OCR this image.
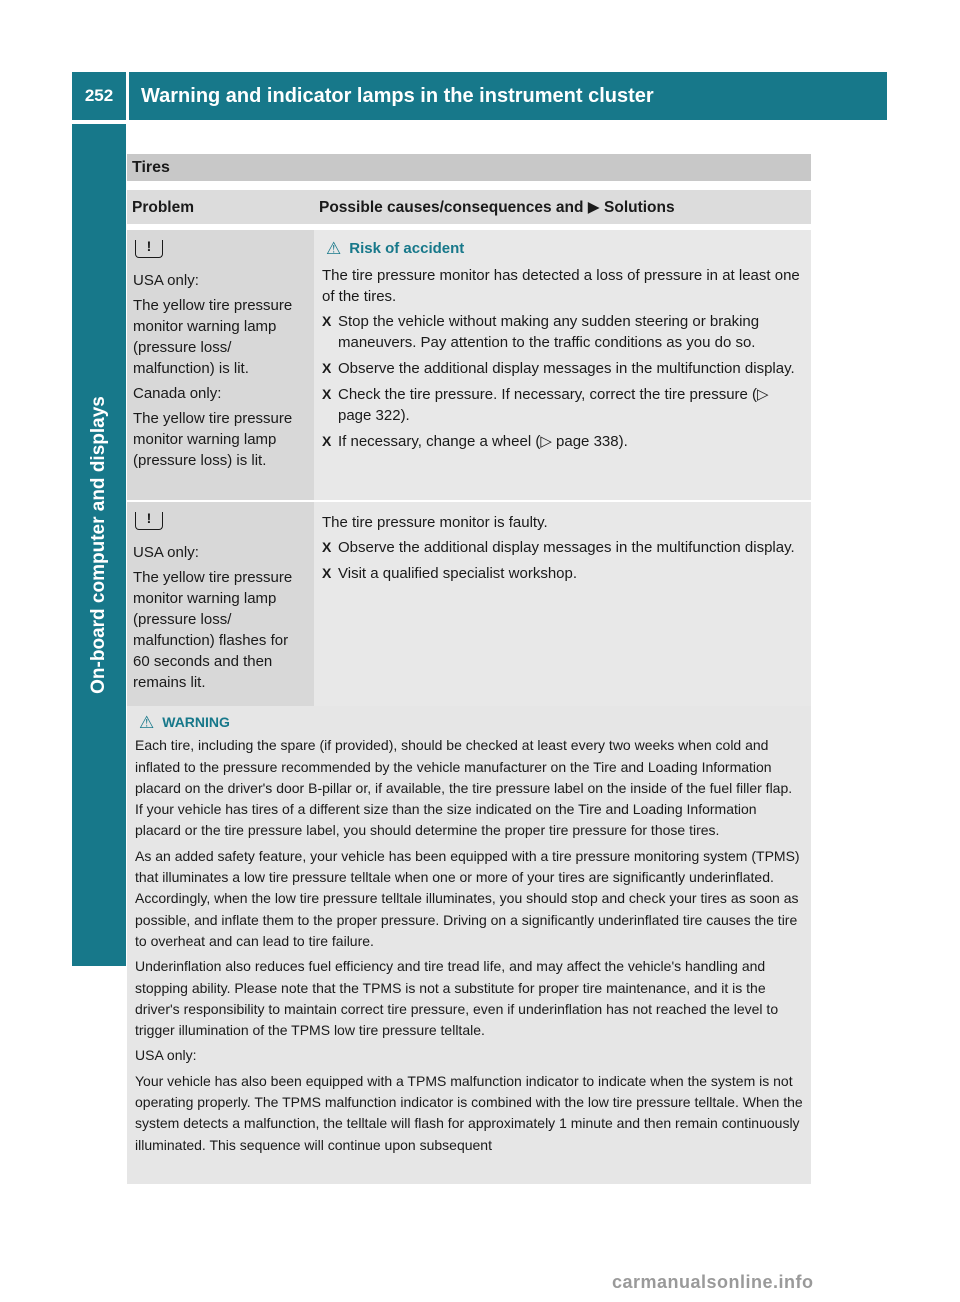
252	Warning and indicator lamps in the instrument cluster
On-board computer and displays
Tires
Problem	Possible causes/consequences and ▶ Solutions
!
USA only:
The yellow tire pressure monitor warning lamp (pressure loss/ malfunction) is lit.
Canada only:
The yellow tire pressure monitor warning lamp (pressure loss) is lit.
⚠ Risk of accident
The tire pressure monitor has detected a loss of pressure in at least one of the tires.
X Stop the vehicle without making any sudden steering or braking maneuvers. Pay attention to the traffic conditions as you do so.
X Observe the additional display messages in the multifunction display.
X Check the tire pressure. If necessary, correct the tire pressure (▷ page 322).
X If necessary, change a wheel (▷ page 338).
!
USA only:
The yellow tire pressure monitor warning lamp (pressure loss/ malfunction) flashes for 60 seconds and then remains lit.
The tire pressure monitor is faulty.
X Observe the additional display messages in the multifunction display.
X Visit a qualified specialist workshop.
⚠ WARNING
Each tire, including the spare (if provided), should be checked at least every two weeks when cold and inflated to the pressure recommended by the vehicle manufacturer on the Tire and Loading Information placard on the driver's door B-pillar or, if available, the tire pressure label on the inside of the fuel filler flap. If your vehicle has tires of a different size than the size indicated on the Tire and Loading Information placard or the tire pressure label, you should determine the proper tire pressure for those tires.
As an added safety feature, your vehicle has been equipped with a tire pressure monitoring system (TPMS) that illuminates a low tire pressure telltale when one or more of your tires are significantly underinflated. Accordingly, when the low tire pressure telltale illuminates, you should stop and check your tires as soon as possible, and inflate them to the proper pressure. Driving on a significantly underinflated tire causes the tire to overheat and can lead to tire failure.
Underinflation also reduces fuel efficiency and tire tread life, and may affect the vehicle's handling and stopping ability. Please note that the TPMS is not a substitute for proper tire maintenance, and it is the driver's responsibility to maintain correct tire pressure, even if underinflation has not reached the level to trigger illumination of the TPMS low tire pressure telltale.
USA only:
Your vehicle has also been equipped with a TPMS malfunction indicator to indicate when the system is not operating properly. The TPMS malfunction indicator is combined with the low tire pressure telltale. When the system detects a malfunction, the telltale will flash for approximately 1 minute and then remain continuously illuminated. This sequence will continue upon subsequent
carmanualsonline.info
